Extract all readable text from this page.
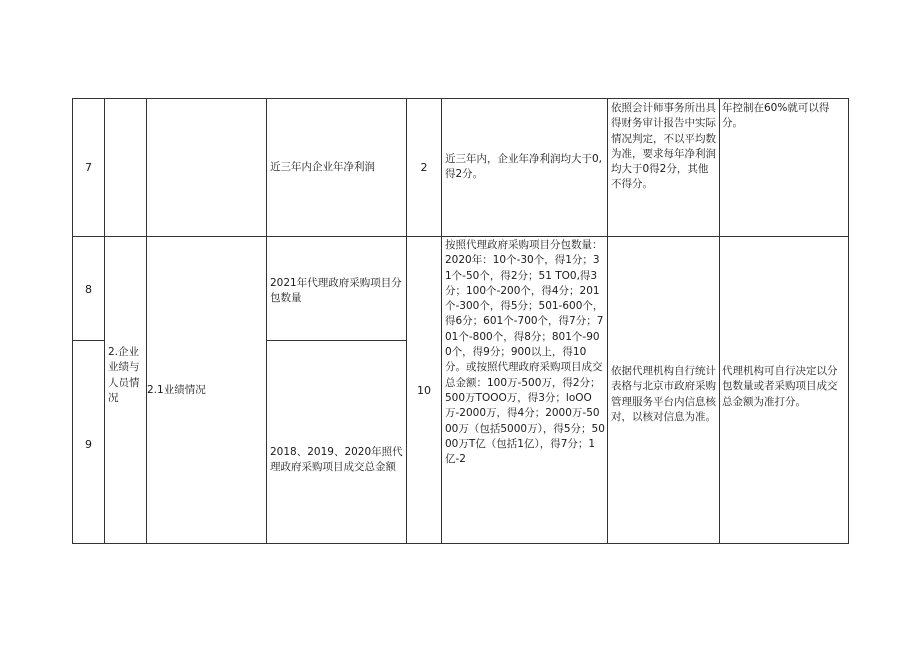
7	近三年内企业年净利润	2
近三年内，企业年净利润均大于0,得2分。
依照会计师事务所出具得财务审计报告中实际情况判定，不以平均数为准，要求每年净利润均大于0得2分，其他不得分。
年控制在60%就可以得分。
8
9
2.企业业绩与人员情况
2.1业绩情况
2021年代理政府采购项目分包数量
2018、2019、2020年照代理政府采购项目成交总金额
10
按照代理政府采购项目分包数量：2020年：10个-30个，得1分；31个-50个，得2分；51 TO0,得3分；100个-200个，得4分；201个-300个，得5分；501-600个，得6分；601个-700个，得7分；701个-800个，得8分；801个-900个，得9分；900以上，得10分。或按照代理政府采购项目成交总金额：100万-500万，得2分；500万TOOO万，得3分；loOO万-2000万，得4分；2000万-5000万（包括5000万），得5分；5000万T亿（包括1亿），得7分；1亿-2
依据代理机构自行统计表格与北京市政府采购管理服务平台内信息核对，以核对信息为准。
代理机构可自行决定以分包数量或者采购项目成交总金额为准打分。
